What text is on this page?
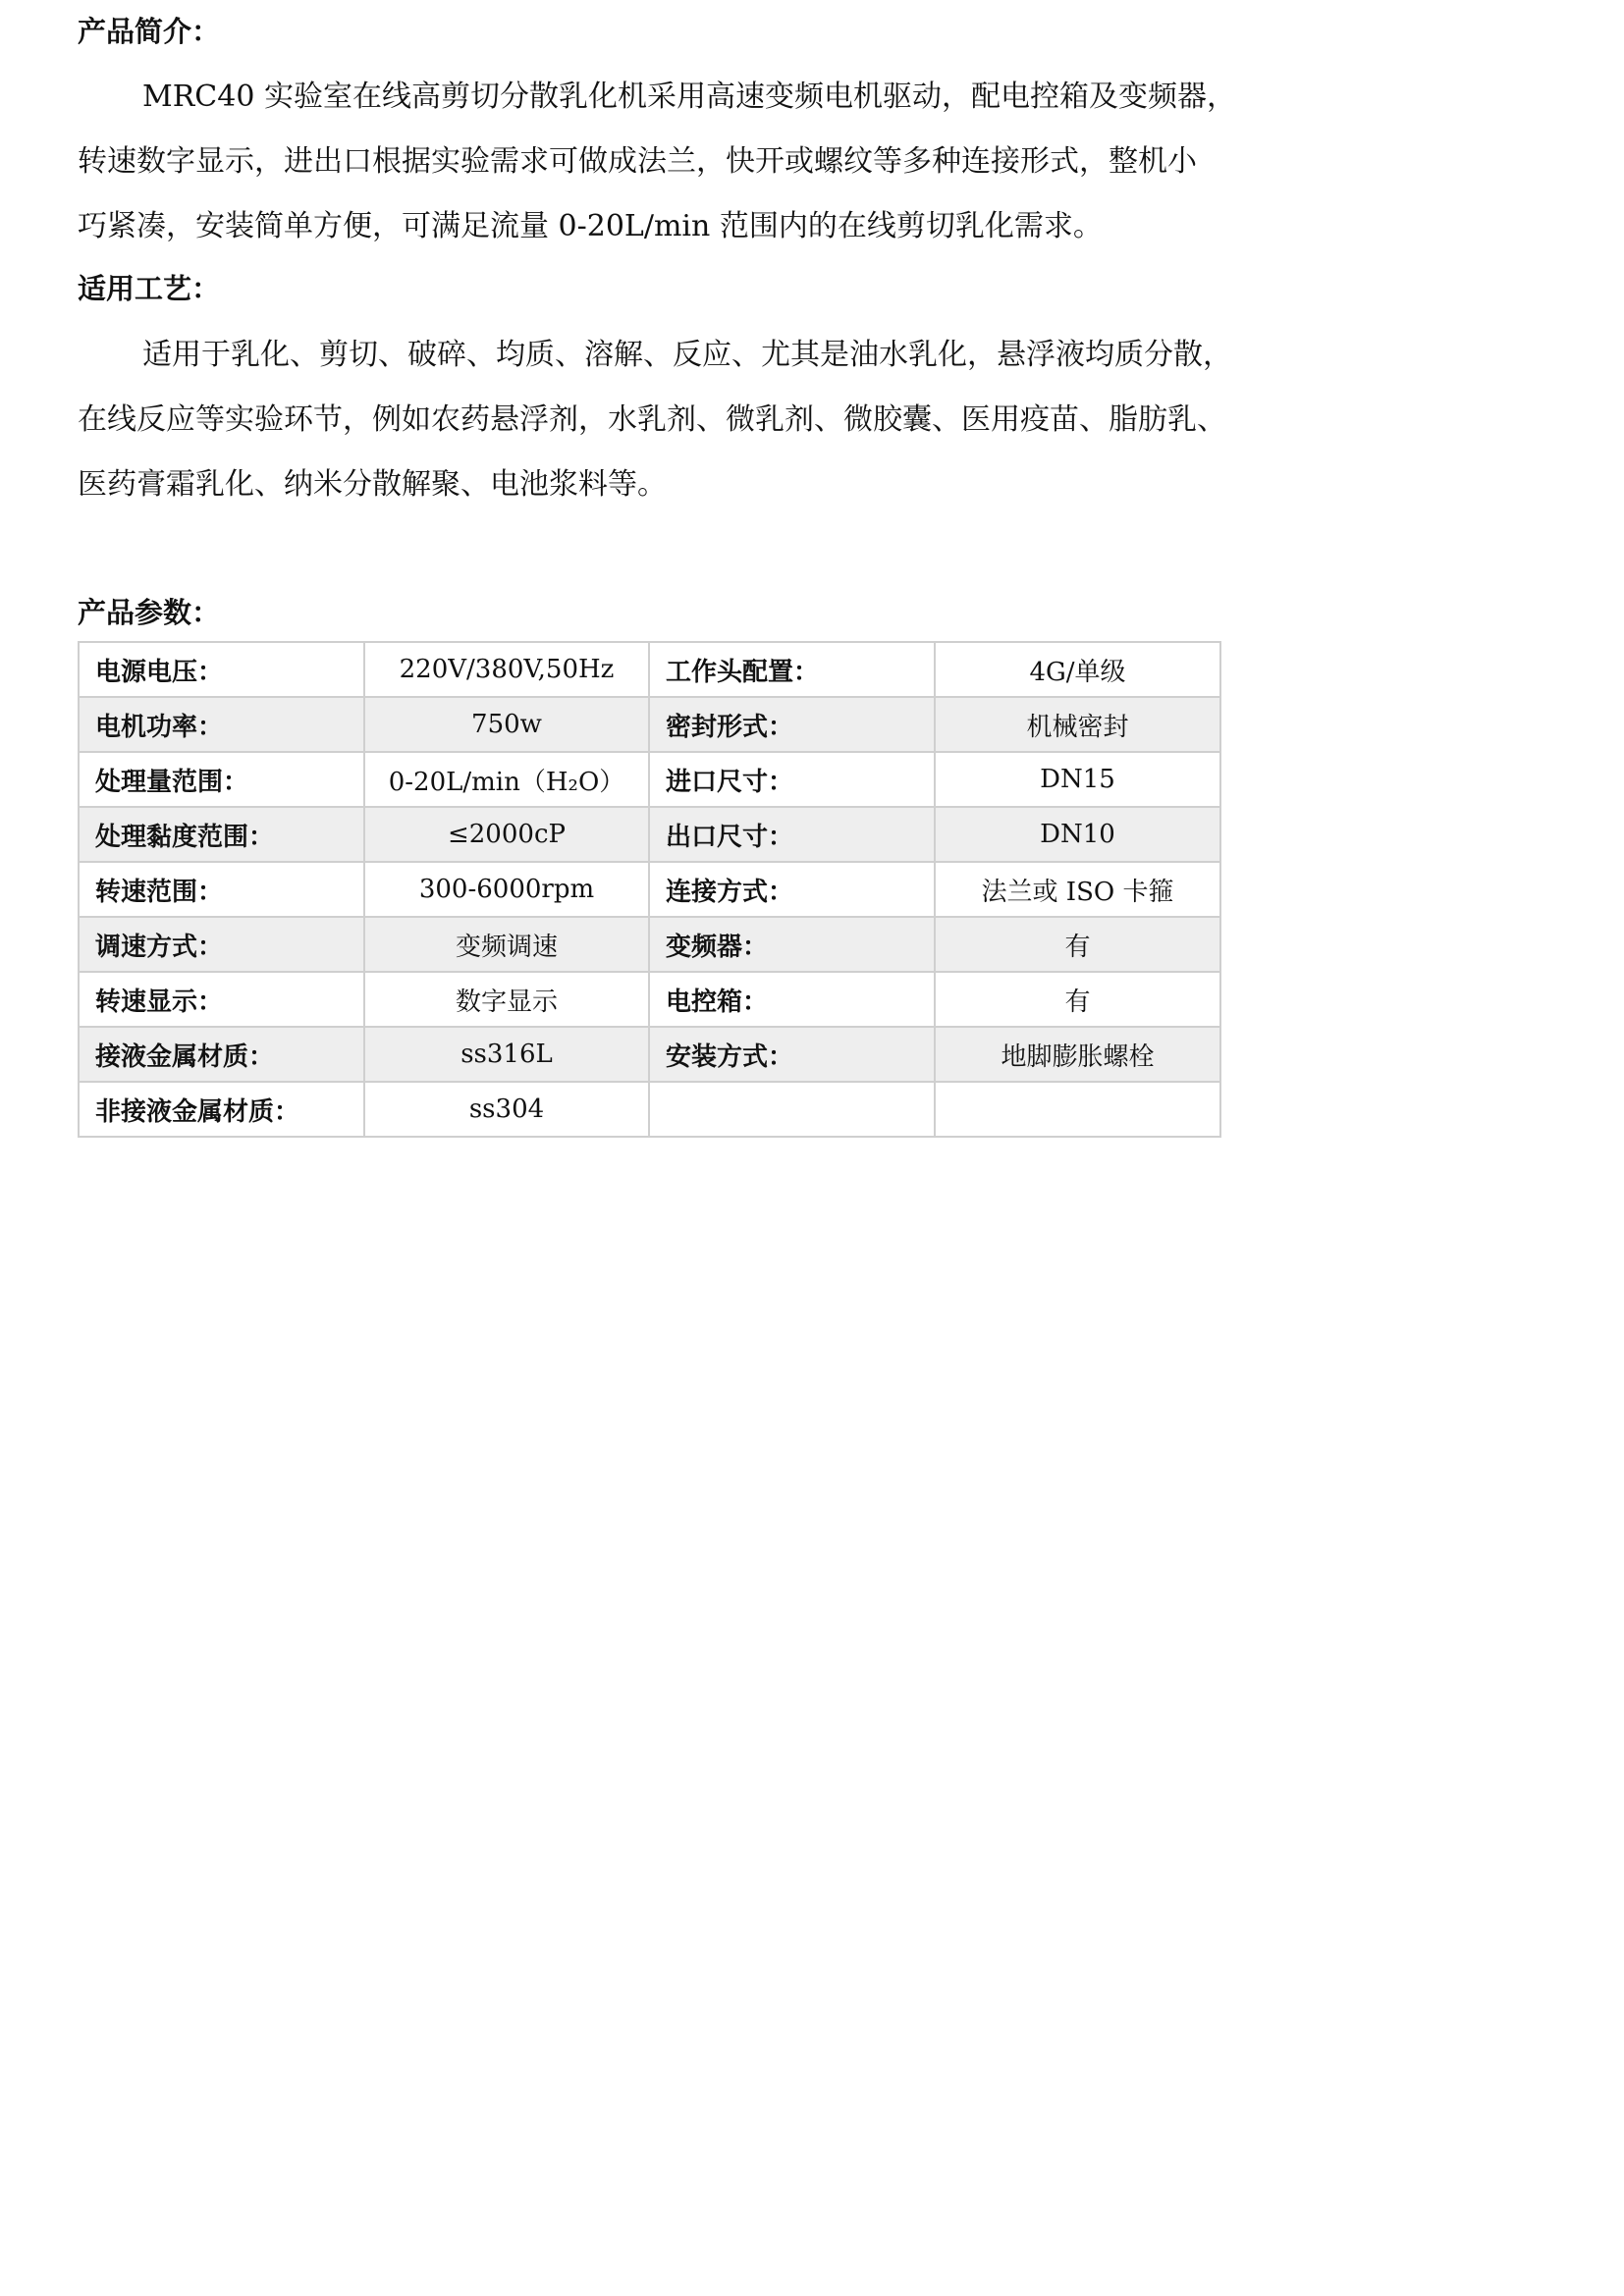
产品简介：

MRC40 实验室在线高剪切分散乳化机采用高速变频电机驱动，配电控箱及变频器，
转速数字显示，进出口根据实验需求可做成法兰，快开或螺纹等多种连接形式，整机小
巧紧凑，安装简单方便，可满足流量 0-20L/min 范围内的在线剪切乳化需求。

适用工艺：

适用于乳化、剪切、破碎、均质、溶解、反应、尤其是油水乳化，悬浮液均质分散，
在线反应等实验环节，例如农药悬浮剂，水乳剂、微乳剂、微胶囊、医用疫苗、脂肪乳、
医药膏霜乳化、纳米分散解聚、电池浆料等。

产品参数：
电源电压：	220V/380V,50Hz	工作头配置：	4G/单级
电机功率：	750w	密封形式：	机械密封
处理量范围：	0-20L/min（H₂O）	进口尺寸：	DN15
处理黏度范围：	≤2000cP	出口尺寸：	DN10
转速范围：	300-6000rpm	连接方式：	法兰或 ISO 卡箍
调速方式：	变频调速	变频器：	有
转速显示：	数字显示	电控箱：	有
接液金属材质：	ss316L	安装方式：	地脚膨胀螺栓
非接液金属材质：	ss304		
